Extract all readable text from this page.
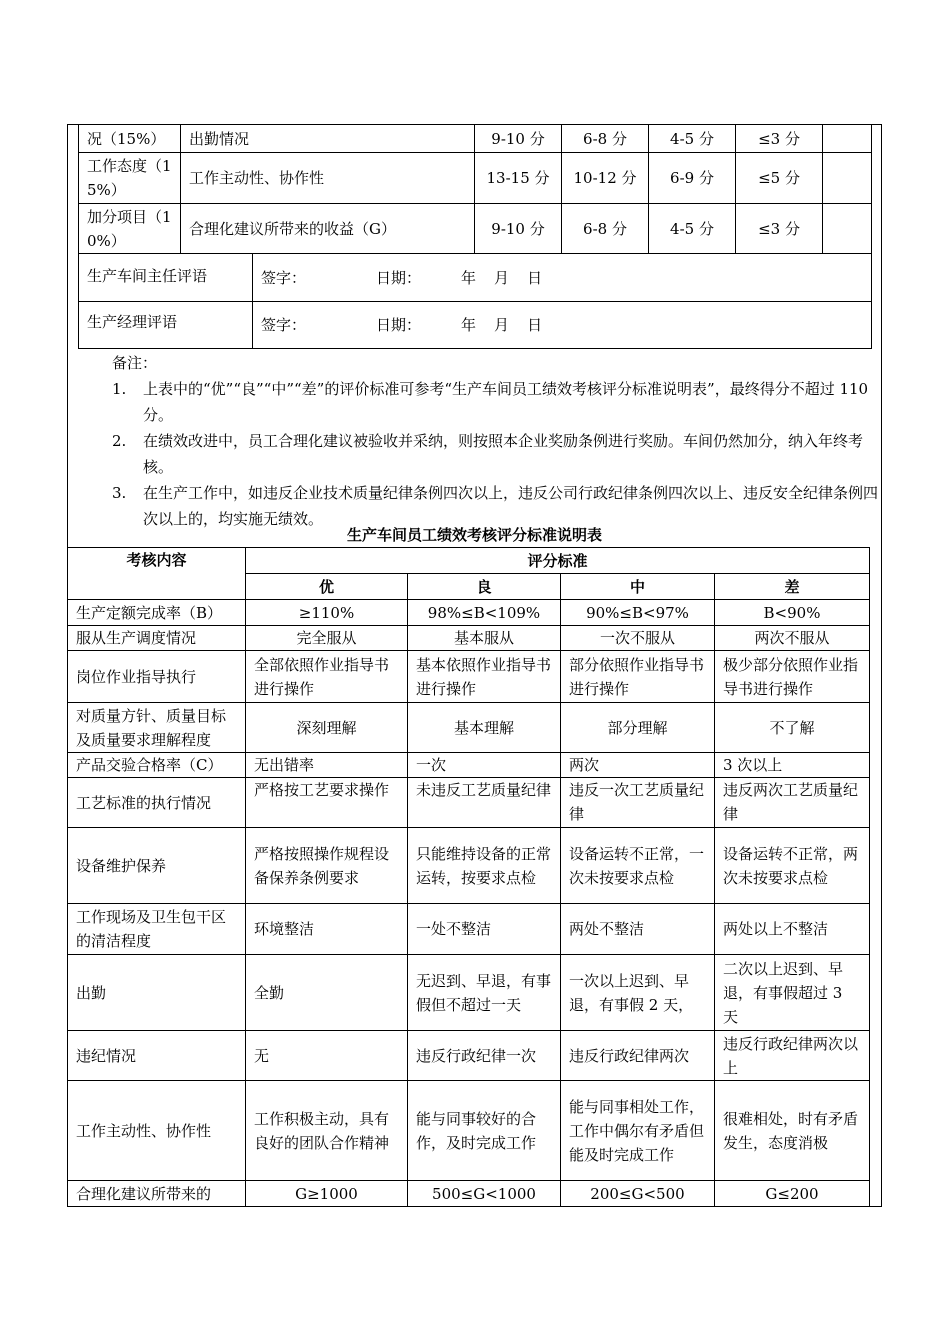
况（15%）	出勤情况		9-10 分	6-8 分	4-5 分	≤3 分	
工作态度（15%）	工作主动性、协作性		13-15 分	10-12 分	6-9 分	≤5 分	
加分项目（10%）	合理化建议所带来的收益（G）		9-10 分	6-8 分	4-5 分	≤3 分	
生产车间主任评语		签字： 日期： 年 月 日					
生产经理评语		签字： 日期： 年 月 日					
备注：
1. 上表中的“优”“良”“中”“差”的评价标准可参考“生产车间员工绩效考核评分标准说明表”，最终得分不超过 110 分。
2. 在绩效改进中，员工合理化建议被验收并采纳，则按照本企业奖励条例进行奖励。车间仍然加分，纳入年终考核。
3. 在生产工作中，如违反企业技术质量纪律条例四次以上，违反公司行政纪律条例四次以上、违反安全纪律条例四次以上的，均实施无绩效。
生产车间员工绩效考核评分标准说明表
考核内容	评分标准			
	优	良	中	差
生产定额完成率（B）	≥110%	98%≤B<109%	90%≤B<97%	B<90%
服从生产调度情况	完全服从	基本服从	一次不服从	两次不服从
岗位作业指导执行	全部依照作业指导书进行操作	基本依照作业指导书进行操作	部分依照作业指导书进行操作	极少部分依照作业指导书进行操作
对质量方针、质量目标及质量要求理解程度	深刻理解	基本理解	部分理解	不了解
产品交验合格率（C）	无出错率	一次	两次	3 次以上
工艺标准的执行情况	严格按工艺要求操作	未违反工艺质量纪律	违反一次工艺质量纪律	违反两次工艺质量纪律
设备维护保养	严格按照操作规程设备保养条例要求	只能维持设备的正常运转，按要求点检	设备运转不正常，一次未按要求点检	设备运转不正常，两次未按要求点检
工作现场及卫生包干区的清洁程度	环境整洁	一处不整洁	两处不整洁	两处以上不整洁
出勤	全勤	无迟到、早退，有事假但不超过一天	一次以上迟到、早退，有事假 2 天，	二次以上迟到、早退，有事假超过 3 天
违纪情况	无	违反行政纪律一次	违反行政纪律两次	违反行政纪律两次以上
工作主动性、协作性	工作积极主动，具有良好的团队合作精神	能与同事较好的合作，及时完成工作	能与同事相处工作，工作中偶尔有矛盾但能及时完成工作	很难相处，时有矛盾发生，态度消极
合理化建议所带来的	G≥1000	500≤G<1000	200≤G<500	G≤200
